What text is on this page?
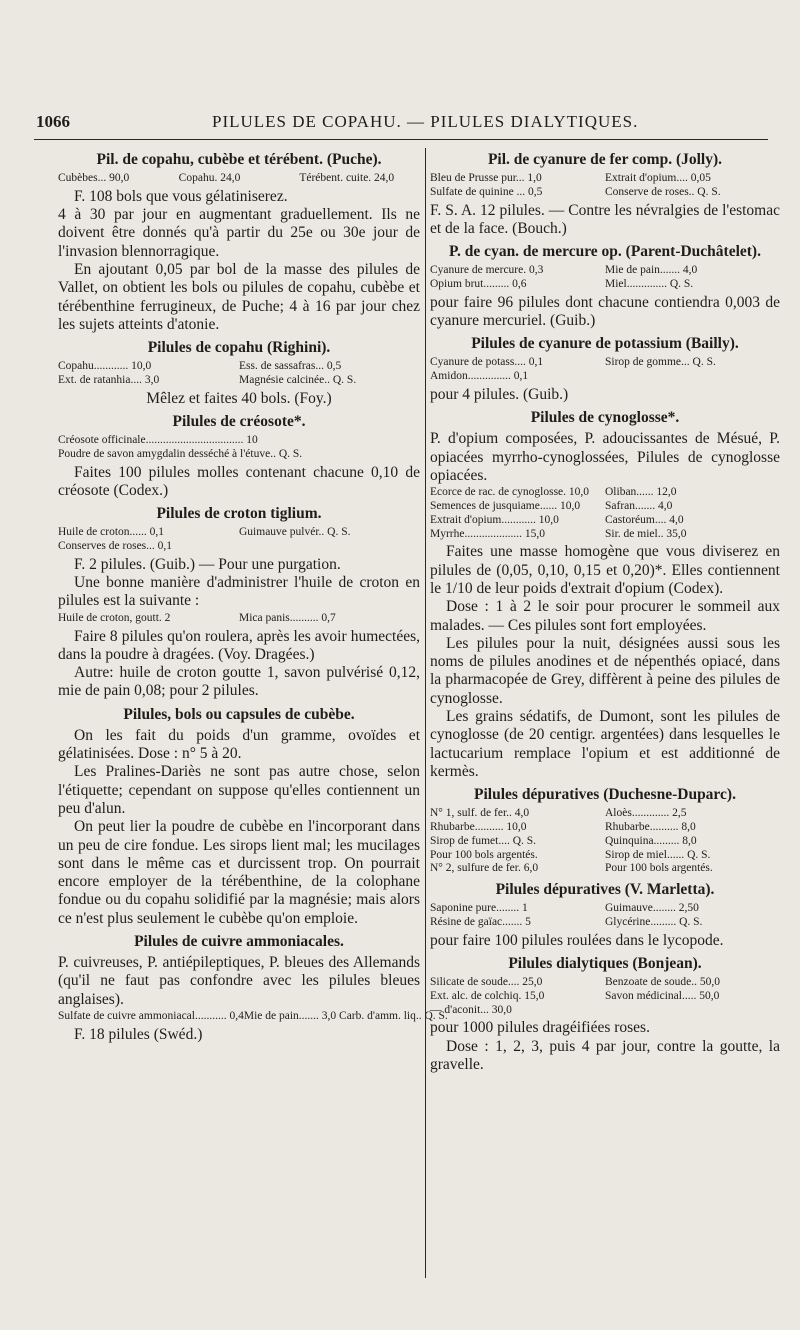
1066	PILULES DE COPAHU. — PILULES DIALYTIQUES.
Pil. de copahu, cubèbe et térébent. (Puche).
Cubèbes... 90,0	Copahu. 24,0	Térébent. cuite. 24,0

F. 108 bols que vous gélatiniserez.

4 à 30 par jour en augmentant graduellement. Ils ne doivent être donnés qu'à partir du 25e ou 30e jour de l'invasion blennorragique.

En ajoutant 0,05 par bol de la masse des pilules de Vallet, on obtient les bols ou pilules de copahu, cubèbe et térébenthine ferrugineux, de Puche; 4 à 16 par jour chez les sujets atteints d'atonie.

Pilules de copahu (Righini).
Copahu............ 10,0	Ess. de sassafras... 0,5
Ext. de ratanhia.... 3,0	Magnésie calcinée.. Q. S.

Mêlez et faites 40 bols. (Foy.)

Pilules de créosote*.
Créosote officinale.................................. 10
Poudre de savon amygdalin desséché à l'étuve.. Q. S.

Faites 100 pilules molles contenant chacune 0,10 de créosote (Codex.)

Pilules de croton tiglium.
Huile de croton...... 0,1	Guimauve pulvér.. Q. S.
Conserves de roses... 0,1

F. 2 pilules. (Guib.) — Pour une purgation.

Une bonne manière d'administrer l'huile de croton en pilules est la suivante :

Huile de croton, goutt. 2	Mica panis.......... 0,7

Faire 8 pilules qu'on roulera, après les avoir humectées, dans la poudre à dragées. (Voy. Dragées.)

Autre: huile de croton goutte 1, savon pulvérisé 0,12, mie de pain 0,08; pour 2 pilules.

Pilules, bols ou capsules de cubèbe.

On les fait du poids d'un gramme, ovoïdes et gélatinisées. Dose : n° 5 à 20.

Les Pralines-Dariès ne sont pas autre chose, selon l'étiquette; cependant on suppose qu'elles contiennent un peu d'alun.

On peut lier la poudre de cubèbe en l'incorporant dans un peu de cire fondue. Les sirops lient mal; les mucilages sont dans le même cas et durcissent trop. On pourrait encore employer de la térébenthine, de la colophane fondue ou du copahu solidifié par la magnésie; mais alors ce n'est plus seulement le cubèbe qu'on emploie.

Pilules de cuivre ammoniacales.

P. cuivreuses, P. antiépileptiques, P. bleues des Allemands (qu'il ne faut pas confondre avec les pilules bleues anglaises).

Sulfate de cuivre ammoniacal........... 0,4 Mie de pain....... 3,0 Carb. d'amm. liq.. Q. S.

F. 18 pilules (Swéd.)

Pil. de cyanure de fer comp. (Jolly).
Bleu de Prusse pur... 1,0	Extrait d'opium.... 0,05
Sulfate de quinine ... 0,5	Conserve de roses.. Q. S.

F. S. A. 12 pilules. — Contre les névralgies de l'estomac et de la face. (Bouch.)

P. de cyan. de mercure op. (Parent-Duchâtelet).
Cyanure de mercure. 0,3	Mie de pain....... 4,0
Opium brut......... 0,6	Miel.............. Q. S.

pour faire 96 pilules dont chacune contiendra 0,003 de cyanure mercuriel. (Guib.)

Pilules de cyanure de potassium (Bailly).
Cyanure de potass.... 0,1	Sirop de gomme... Q. S.
Amidon............... 0,1

pour 4 pilules. (Guib.)

Pilules de cynoglosse*.

P. d'opium composées, P. adoucissantes de Mésué, P. opiacées myrrho-cynoglossées, Pilules de cynoglosse opiacées.

Ecorce de rac. de cynoglosse. 10,0	Oliban...... 12,0
Semences de jusquiame...... 10,0	Safran....... 4,0
Extrait d'opium............ 10,0	Castoréum.... 4,0
Myrrhe.................... 15,0	Sir. de miel.. 35,0

Faites une masse homogène que vous diviserez en pilules de (0,05, 0,10, 0,15 et 0,20)*. Elles contiennent le 1/10 de leur poids d'extrait d'opium (Codex).

Dose : 1 à 2 le soir pour procurer le sommeil aux malades. — Ces pilules sont fort employées.

Les pilules pour la nuit, désignées aussi sous les noms de pilules anodines et de népenthés opiacé, dans la pharmacopée de Grey, diffèrent à peine des pilules de cynoglosse.

Les grains sédatifs, de Dumont, sont les pilules de cynoglosse (de 20 centigr. argentées) dans lesquelles le lactucarium remplace l'opium et est additionné de kermès.

Pilules dépuratives (Duchesne-Duparc).
N° 1, sulf. de fer.. 4,0	Aloès............. 2,5
Rhubarbe.......... 10,0	Rhubarbe.......... 8,0
Sirop de fumet.... Q. S.	Quinquina......... 8,0
Pour 100 bols argentés.	Sirop de miel...... Q. S.
N° 2, sulfure de fer. 6,0	Pour 100 bols argentés.
Pilules dépuratives (V. Marletta).
Saponine pure........ 1	Guimauve........ 2,50
Résine de gaïac....... 5	Glycérine......... Q. S.

pour faire 100 pilules roulées dans le lycopode.

Pilules dialytiques (Bonjean).
Silicate de soude.... 25,0	Benzoate de soude.. 50,0
Ext. alc. de colchiq. 15,0	Savon médicinal..... 50,0
— d'aconit... 30,0

pour 1000 pilules dragéifiées roses.

Dose : 1, 2, 3, puis 4 par jour, contre la goutte, la gravelle.
